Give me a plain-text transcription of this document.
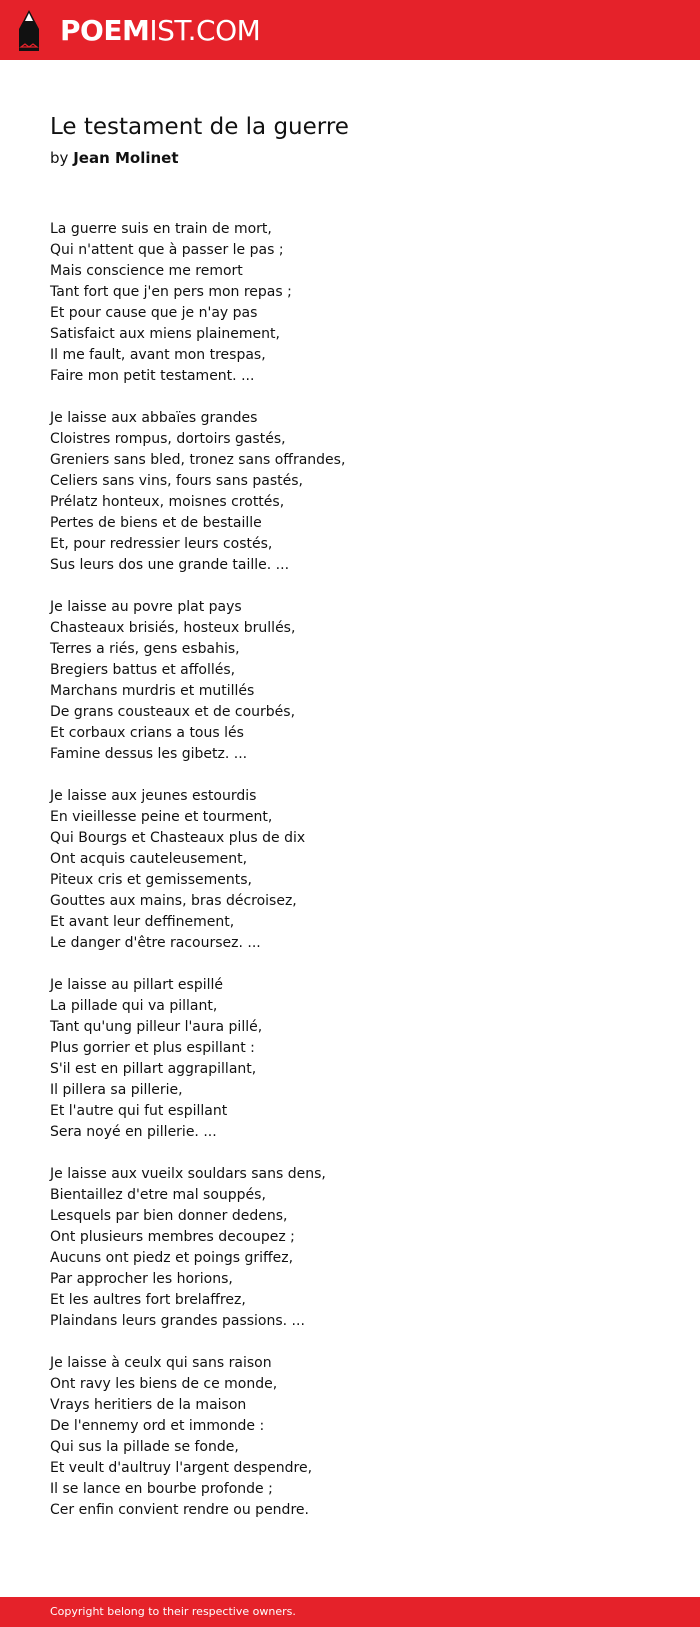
POEMIST.COM
Le testament de la guerre

by Jean Molinet

La guerre suis en train de mort,
Qui n'attent que à passer le pas ;
Mais conscience me remort
Tant fort que j'en pers mon repas ;
Et pour cause que je n'ay pas
Satisfaict aux miens plainement,
Il me fault, avant mon trespas,
Faire mon petit testament. ...
Je laisse aux abbaïes grandes
Cloistres rompus, dortoirs gastés,
Greniers sans bled, tronez sans offrandes,
Celiers sans vins, fours sans pastés,
Prélatz honteux, moisnes crottés,
Pertes de biens et de bestaille
Et, pour redressier leurs costés,
Sus leurs dos une grande taille. ...
Je laisse au povre plat pays
Chasteaux brisiés, hosteux brullés,
Terres a riés, gens esbahis,
Bregiers battus et affollés,
Marchans murdris et mutillés
De grans cousteaux et de courbés,
Et corbaux crians a tous lés
Famine dessus les gibetz. ...
Je laisse aux jeunes estourdis
En vieillesse peine et tourment,
Qui Bourgs et Chasteaux plus de dix
Ont acquis cauteleusement,
Piteux cris et gemissements,
Gouttes aux mains, bras décroisez,
Et avant leur deffinement,
Le danger d'être racoursez. ...
Je laisse au pillart espillé
La pillade qui va pillant,
Tant qu'ung pilleur l'aura pillé,
Plus gorrier et plus espillant :
S'il est en pillart aggrapillant,
Il pillera sa pillerie,
Et l'autre qui fut espillant
Sera noyé en pillerie. ...
Je laisse aux vueilx souldars sans dens,
Bientaillez d'etre mal souppés,
Lesquels par bien donner dedens,
Ont plusieurs membres decoupez ;
Aucuns ont piedz et poings griffez,
Par approcher les horions,
Et les aultres fort brelaffrez,
Plaindans leurs grandes passions. ...
Je laisse à ceulx qui sans raison
Ont ravy les biens de ce monde,
Vrays heritiers de la maison
De l'ennemy ord et immonde :
Qui sus la pillade se fonde,
Et veult d'aultruy l'argent despendre,
Il se lance en bourbe profonde ;
Cer enfin convient rendre ou pendre.
Copyright belong to their respective owners.
